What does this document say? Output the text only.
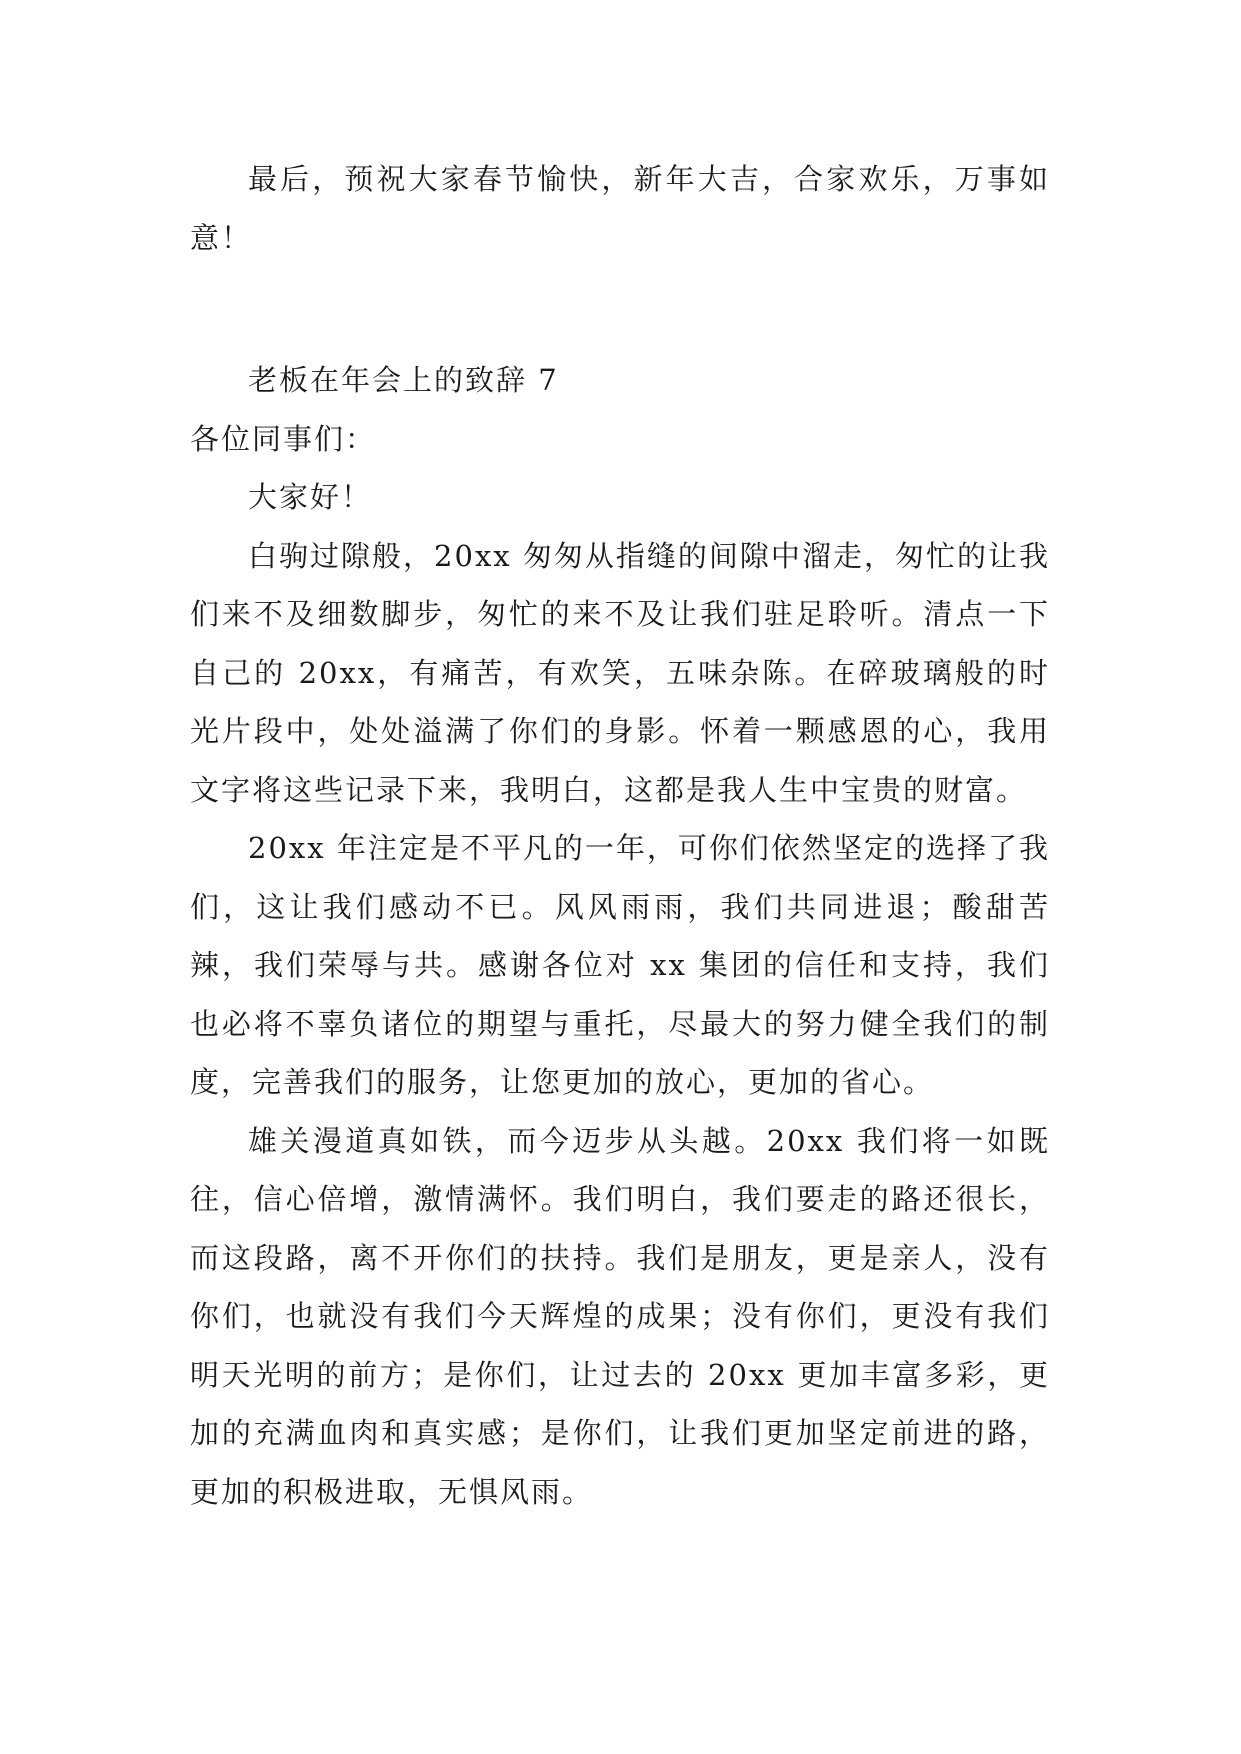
最后，预祝大家春节愉快，新年大吉，合家欢乐，万事如意！

老板在年会上的致辞 7

各位同事们：

大家好！

白驹过隙般，20xx 匆匆从指缝的间隙中溜走，匆忙的让我们来不及细数脚步，匆忙的来不及让我们驻足聆听。清点一下自己的 20xx，有痛苦，有欢笑，五味杂陈。在碎玻璃般的时光片段中，处处溢满了你们的身影。怀着一颗感恩的心，我用文字将这些记录下来，我明白，这都是我人生中宝贵的财富。

20xx 年注定是不平凡的一年，可你们依然坚定的选择了我们，这让我们感动不已。风风雨雨，我们共同进退；酸甜苦辣，我们荣辱与共。感谢各位对 xx 集团的信任和支持，我们也必将不辜负诸位的期望与重托，尽最大的努力健全我们的制度，完善我们的服务，让您更加的放心，更加的省心。

雄关漫道真如铁，而今迈步从头越。20xx 我们将一如既往，信心倍增，激情满怀。我们明白，我们要走的路还很长，而这段路，离不开你们的扶持。我们是朋友，更是亲人，没有你们，也就没有我们今天辉煌的成果；没有你们，更没有我们明天光明的前方；是你们，让过去的 20xx 更加丰富多彩，更加的充满血肉和真实感；是你们，让我们更加坚定前进的路，更加的积极进取，无惧风雨。
